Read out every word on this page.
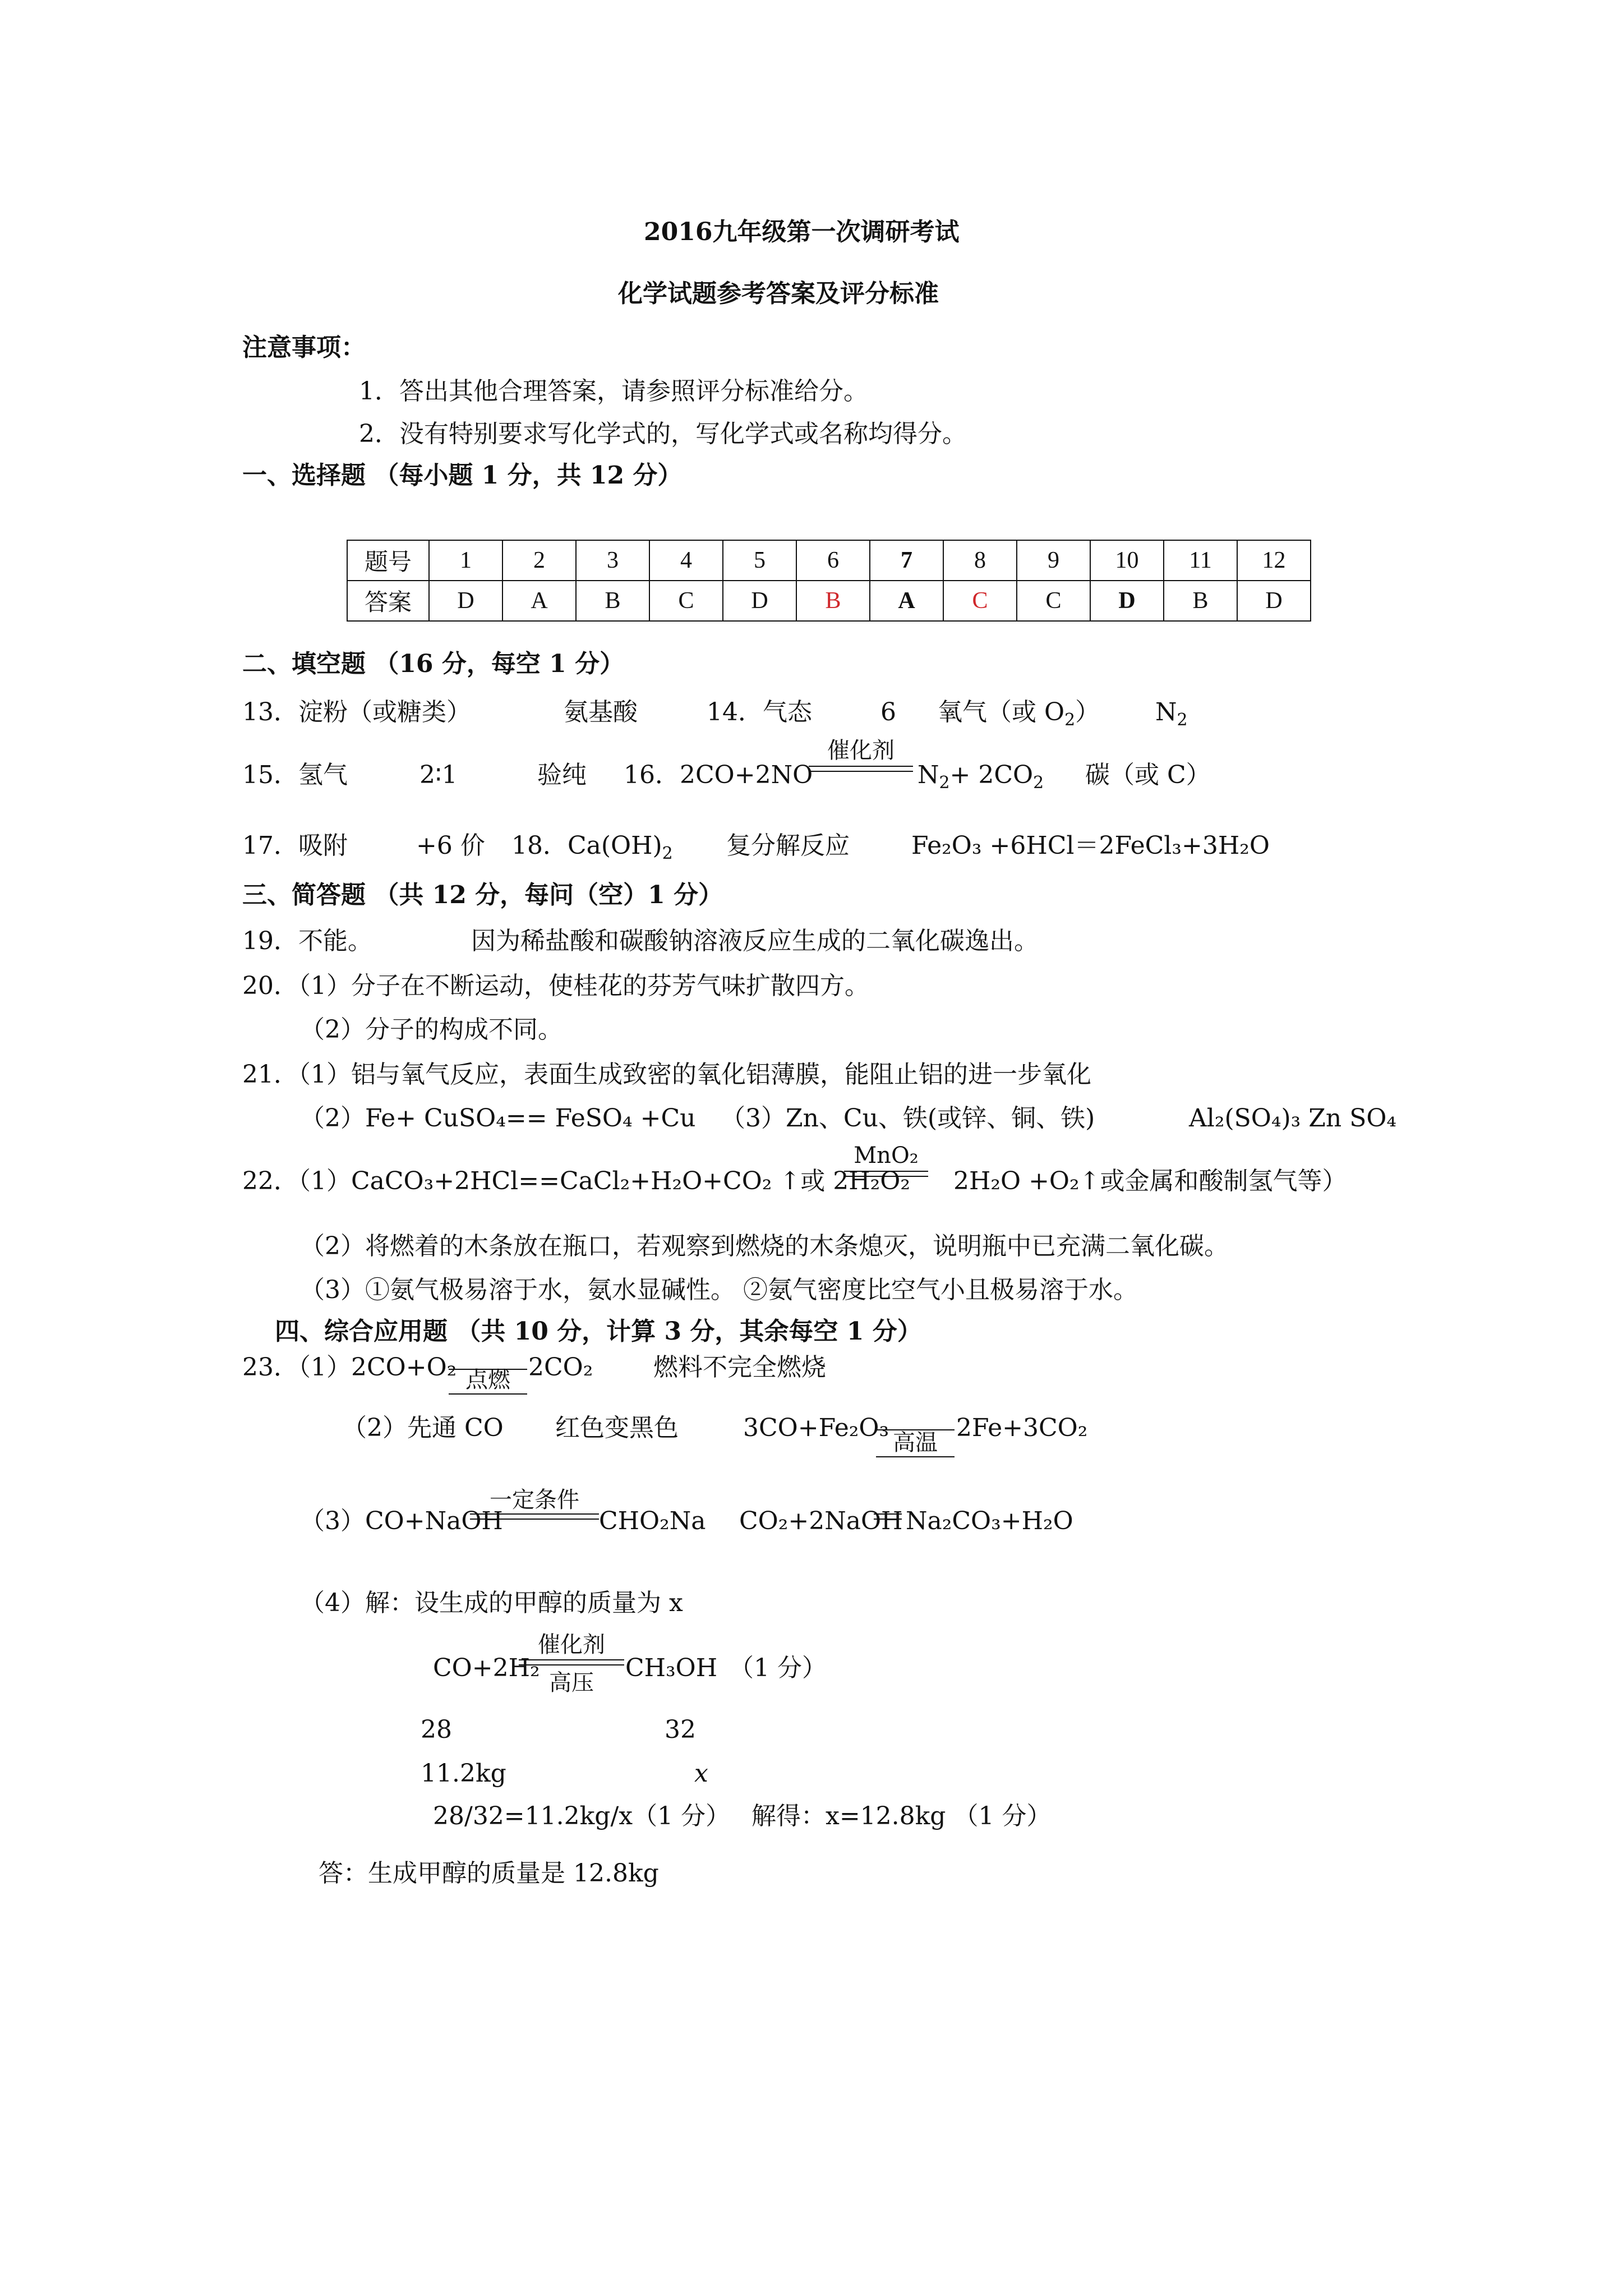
2016九年级第一次调研考试
化学试题参考答案及评分标准
注意事项：
1．答出其他合理答案，请参照评分标准给分。
2．没有特别要求写化学式的，写化学式或名称均得分。
一、选择题 （每小题 1 分，共 12 分）
题号	1	2	3	4	5	6	7	8	9	10	11	12
答案	D	A	B	C	D	B	A	C	C	D	B	D
二、填空题 （16 分，每空 1 分）
13．淀粉（或糖类）	氨基酸	14．气态	6 氧气（或 $O_2$） $N_2$
15．氢气	2∶1	验纯 16．2CO+2NO
催化剂
$N_2+ 2CO_2$ 碳（或 C）
17．吸附	+6 价 18．$Ca(OH)_2$ 复分解反应	Fe₂O₃ +6HCl＝2FeCl₃+3H₂O
三、简答题 （共 12 分，每问（空）1 分）
19．不能。	因为稀盐酸和碳酸钠溶液反应生成的二氧化碳逸出。
20．（1）分子在不断运动，使桂花的芬芳气味扩散四方。
（2）分子的构成不同。
21．（1）铝与氧气反应，表面生成致密的氧化铝薄膜，能阻止铝的进一步氧化
（2）Fe+ CuSO₄== FeSO₄ +Cu （3）Zn、Cu、铁(或锌、铜、铁)	Al₂(SO₄)₃ Zn SO₄
22．（1）CaCO₃+2HCl==CaCl₂+H₂O+CO₂ ↑或 2H₂O₂
MnO₂
2H₂O +O₂↑或金属和酸制氢气等）
（2）将燃着的木条放在瓶口，若观察到燃烧的木条熄灭，说明瓶中已充满二氧化碳。
（3）①氨气极易溶于水，氨水显碱性。 ②氨气密度比空气小且极易溶于水。
四、综合应用题 （共 10 分，计算 3 分，其余每空 1 分）
23．（1）2CO+O₂ 点燃 2CO₂ 燃料不完全燃烧
（2）先通 CO 红色变黑色	3CO+Fe₂O₃
高温
2Fe+3CO₂
（3）CO+NaOH
一定条件
CHO₂Na CO₂+2NaOH Na₂CO₃+H₂O
（4）解：设生成的甲醇的质量为 x
CO+2H₂
催化剂
高压
CH₃OH （1 分）
28	32
11.2kg	x
28/32=11.2kg/x（1 分） 解得：x=12.8kg （1 分）
答：生成甲醇的质量是 12.8kg
